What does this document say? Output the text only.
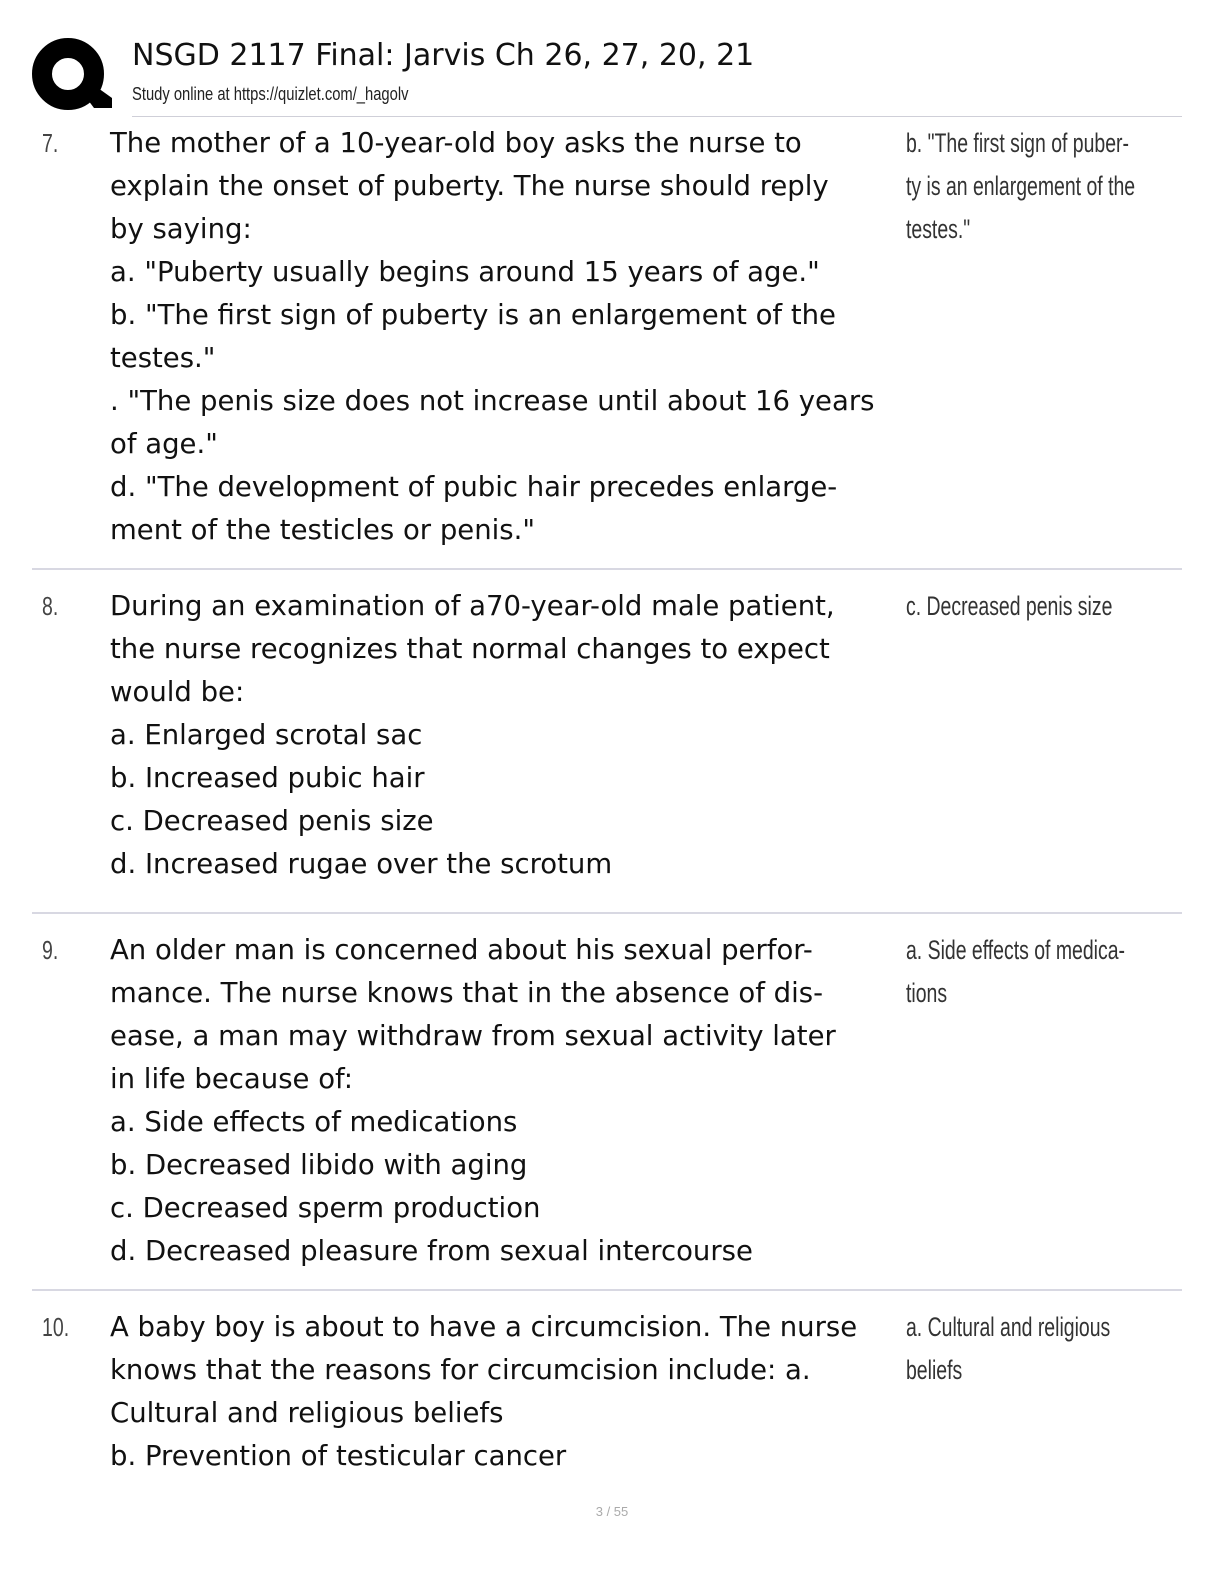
NSGD 2117 Final: Jarvis Ch 26, 27, 20, 21
Study online at https://quizlet.com/_hagolv
7. The mother of a 10-year-old boy asks the nurse to
explain the onset of puberty. The nurse should reply
by saying:
a. "Puberty usually begins around 15 years of age."
b. "The first sign of puberty is an enlargement of the
testes."
. "The penis size does not increase until about 16 years
of age."
d. "The development of pubic hair precedes enlarge-
ment of the testicles or penis."
b. "The first sign of puber-
ty is an enlargement of the
testes."
8. During an examination of a70-year-old male patient,
the nurse recognizes that normal changes to expect
would be:
a. Enlarged scrotal sac
b. Increased pubic hair
c. Decreased penis size
d. Increased rugae over the scrotum
c. Decreased penis size
9. An older man is concerned about his sexual perfor-
mance. The nurse knows that in the absence of dis-
ease, a man may withdraw from sexual activity later
in life because of:
a. Side effects of medications
b. Decreased libido with aging
c. Decreased sperm production
d. Decreased pleasure from sexual intercourse
a. Side effects of medica-
tions
10. A baby boy is about to have a circumcision. The nurse
knows that the reasons for circumcision include: a.
Cultural and religious beliefs
b. Prevention of testicular cancer
a. Cultural and religious
beliefs
3 / 55
